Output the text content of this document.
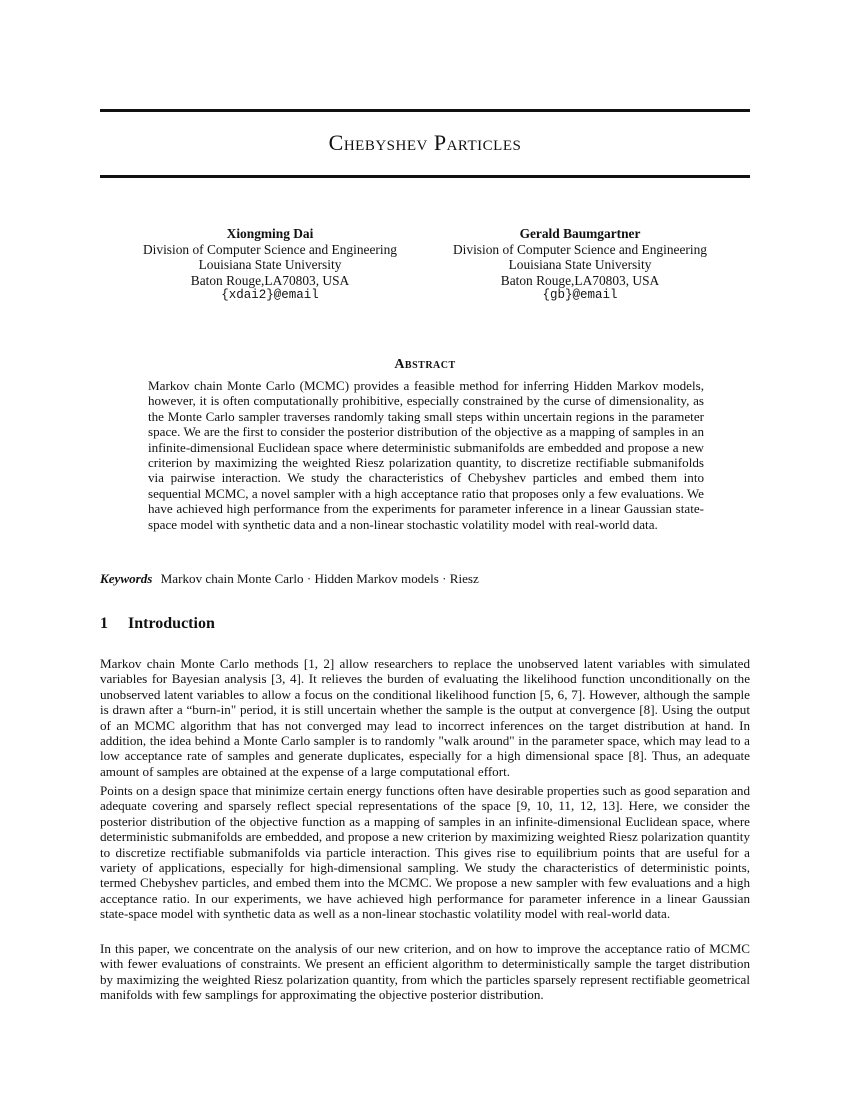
Chebyshev Particles
Xiongming Dai
Division of Computer Science and Engineering
Louisiana State University
Baton Rouge,LA70803, USA
{xdai2}@email
Gerald Baumgartner
Division of Computer Science and Engineering
Louisiana State University
Baton Rouge,LA70803, USA
{gb}@email
Abstract
Markov chain Monte Carlo (MCMC) provides a feasible method for inferring Hidden Markov models, however, it is often computationally prohibitive, especially constrained by the curse of dimensionality, as the Monte Carlo sampler traverses randomly taking small steps within uncertain regions in the parameter space. We are the first to consider the posterior distribution of the objective as a mapping of samples in an infinite-dimensional Euclidean space where deterministic submanifolds are embedded and propose a new criterion by maximizing the weighted Riesz polarization quantity, to discretize rectifiable submanifolds via pairwise interaction. We study the characteristics of Chebyshev particles and embed them into sequential MCMC, a novel sampler with a high acceptance ratio that proposes only a few evaluations. We have achieved high performance from the experiments for parameter inference in a linear Gaussian state-space model with synthetic data and a non-linear stochastic volatility model with real-world data.
Keywords Markov chain Monte Carlo · Hidden Markov models · Riesz
1 Introduction
Markov chain Monte Carlo methods [1, 2] allow researchers to replace the unobserved latent variables with simulated variables for Bayesian analysis [3, 4]. It relieves the burden of evaluating the likelihood function unconditionally on the unobserved latent variables to allow a focus on the conditional likelihood function [5, 6, 7]. However, although the sample is drawn after a “burn-in" period, it is still uncertain whether the sample is the output at convergence [8]. Using the output of an MCMC algorithm that has not converged may lead to incorrect inferences on the target distribution at hand. In addition, the idea behind a Monte Carlo sampler is to randomly "walk around" in the parameter space, which may lead to a low acceptance rate of samples and generate duplicates, especially for a high dimensional space [8]. Thus, an adequate amount of samples are obtained at the expense of a large computational effort.
Points on a design space that minimize certain energy functions often have desirable properties such as good separation and adequate covering and sparsely reflect special representations of the space [9, 10, 11, 12, 13]. Here, we consider the posterior distribution of the objective function as a mapping of samples in an infinite-dimensional Euclidean space, where deterministic submanifolds are embedded, and propose a new criterion by maximizing weighted Riesz polarization quantity to discretize rectifiable submanifolds via particle interaction. This gives rise to equilibrium points that are useful for a variety of applications, especially for high-dimensional sampling. We study the characteristics of deterministic points, termed Chebyshev particles, and embed them into the MCMC. We propose a new sampler with few evaluations and a high acceptance ratio. In our experiments, we have achieved high performance for parameter inference in a linear Gaussian state-space model with synthetic data as well as a non-linear stochastic volatility model with real-world data.
In this paper, we concentrate on the analysis of our new criterion, and on how to improve the acceptance ratio of MCMC with fewer evaluations of constraints. We present an efficient algorithm to deterministically sample the target distribution by maximizing the weighted Riesz polarization quantity, from which the particles sparsely represent rectifiable geometrical manifolds with few samplings for approximating the objective posterior distribution.
